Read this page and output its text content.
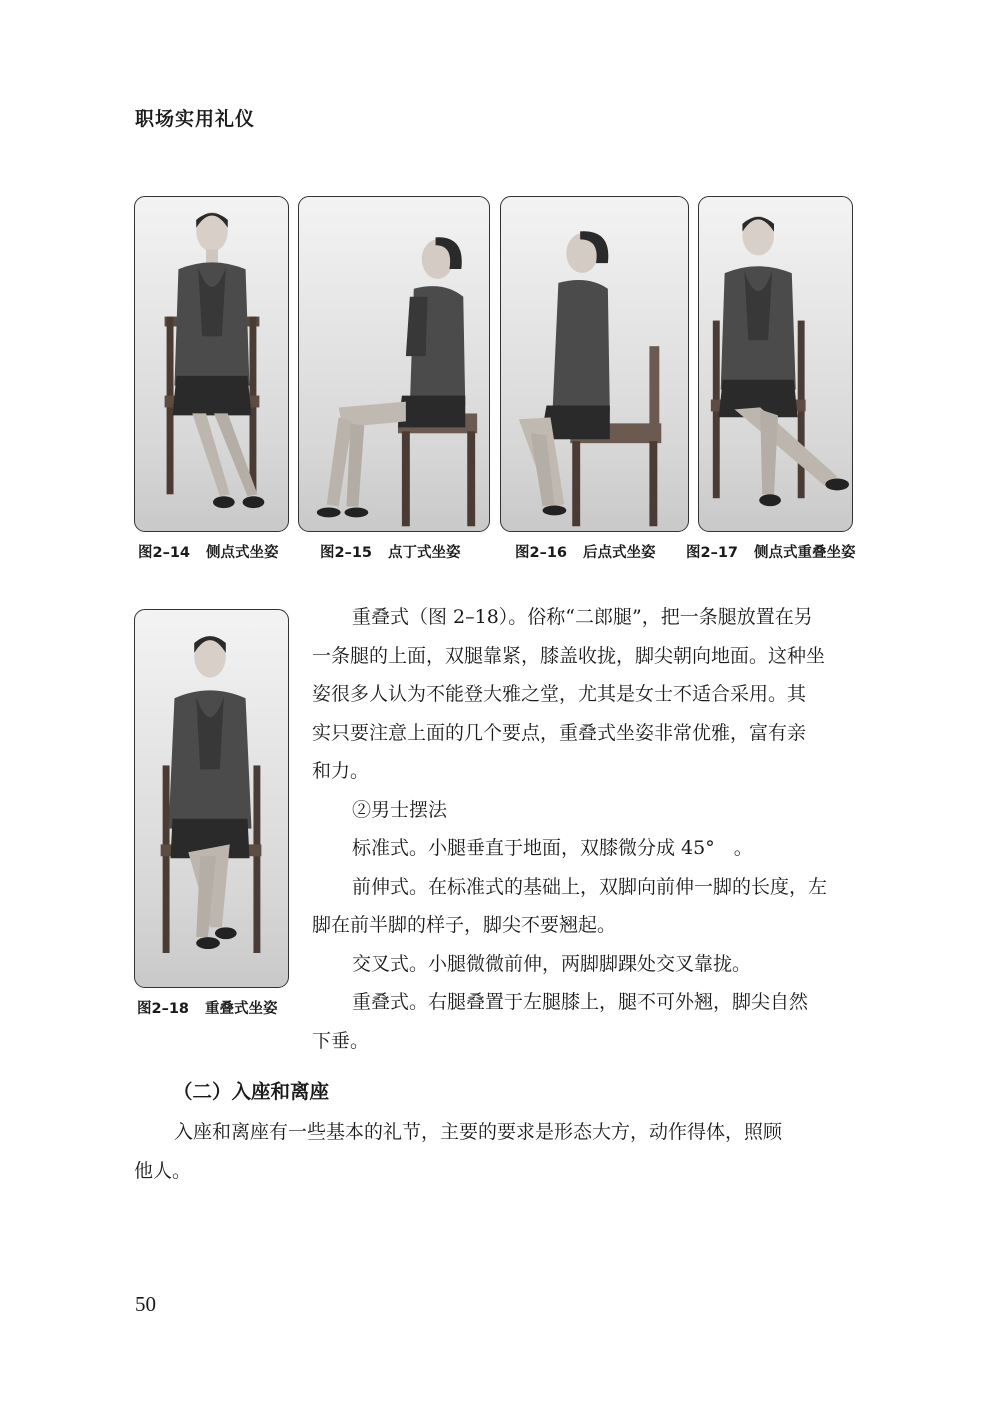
职场实用礼仪
图2–14 侧点式坐姿	图2–15 点丁式坐姿	图2–16 后点式坐姿 图2–17 侧点式重叠坐姿
图2–18 重叠式坐姿

重叠式（图 2–18）。俗称“二郎腿”，把一条腿放置在另

一条腿的上面，双腿靠紧，膝盖收拢，脚尖朝向地面。这种坐

姿很多人认为不能登大雅之堂，尤其是女士不适合采用。其

实只要注意上面的几个要点，重叠式坐姿非常优雅，富有亲

和力。

②男士摆法

标准式。小腿垂直于地面，双膝微分成 45°　。

前伸式。在标准式的基础上，双脚向前伸一脚的长度，左

脚在前半脚的样子，脚尖不要翘起。

交叉式。小腿微微前伸，两脚脚踝处交叉靠拢。

重叠式。右腿叠置于左腿膝上，腿不可外翘，脚尖自然

下垂。

（二）入座和离座

入座和离座有一些基本的礼节，主要的要求是形态大方，动作得体，照顾

他人。

50
